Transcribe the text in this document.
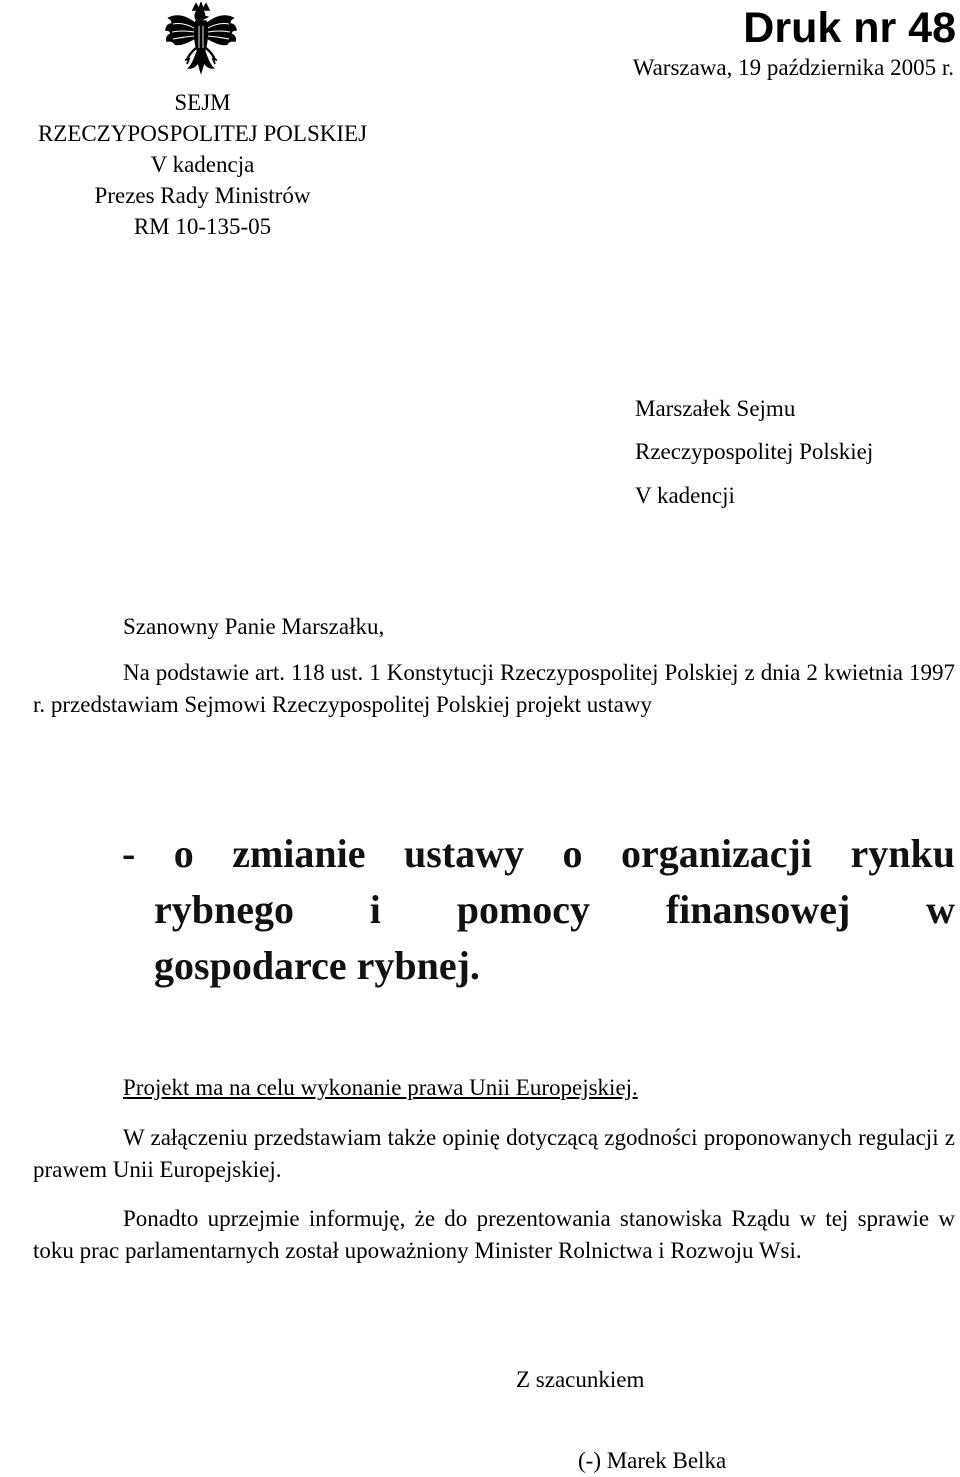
SEJM
RZECZYPOSPOLITEJ POLSKIEJ
V kadencja
Prezes Rady Ministrów
RM 10-135-05
Druk nr 48
Warszawa, 19 października 2005 r.
Marszałek Sejmu
Rzeczypospolitej Polskiej
V kadencji
Szanowny Panie Marszałku,
Na podstawie art. 118 ust. 1 Konstytucji Rzeczypospolitej Polskiej z dnia 2 kwietnia 1997 r. przedstawiam Sejmowi Rzeczypospolitej Polskiej projekt ustawy
- o zmianie ustawy o organizacji rynku
rybnego i pomocy finansowej w
gospodarce rybnej.
Projekt ma na celu wykonanie prawa Unii Europejskiej.
W załączeniu przedstawiam także opinię dotyczącą zgodności proponowanych regulacji z prawem Unii Europejskiej.
Ponadto uprzejmie informuję, że do prezentowania stanowiska Rządu w tej sprawie w toku prac parlamentarnych został upoważniony Minister Rolnictwa i Rozwoju Wsi.
Z szacunkiem
(-) Marek Belka
